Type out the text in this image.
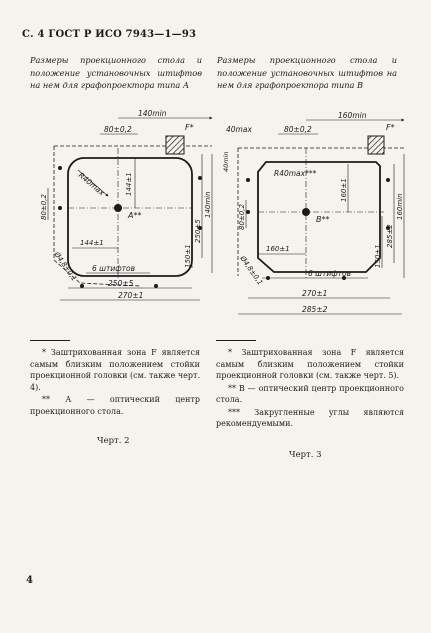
С. 4 ГОСТ Р ИСО 7943—1—93
Размеры проекционного стола и положение установочных штифтов на нем для графопроектора типа А
Размеры проекционного стола и положение установочных штифтов на нем для графопроектора типа В
140min
80±0,2	F*
R40max	144±1
A**
144±1	250±5
140min
80±0,2
150±1
Ø4,8±0,1 6 штифтов
250±5
270±1
160min
40max	80±0,2	F*
40min
R40max***
160±1
B**
80±0,2
160±1
285±2
150±1
160min
Ø4,8±0,1	6 штифтов
270±1
285±2

* Заштрихованная зона F является самым близким положением стойки проекционной головки (см. также черт. 4).

** А — оптический центр проекционного стола.

* Заштрихованная зона F является самым близким положением стойки проекционной головки (см. также черт. 5).

** В — оптический центр проекционного стола.

*** Закругленные углы являются рекомендуемыми.

Черт. 2
Черт. 3
4
